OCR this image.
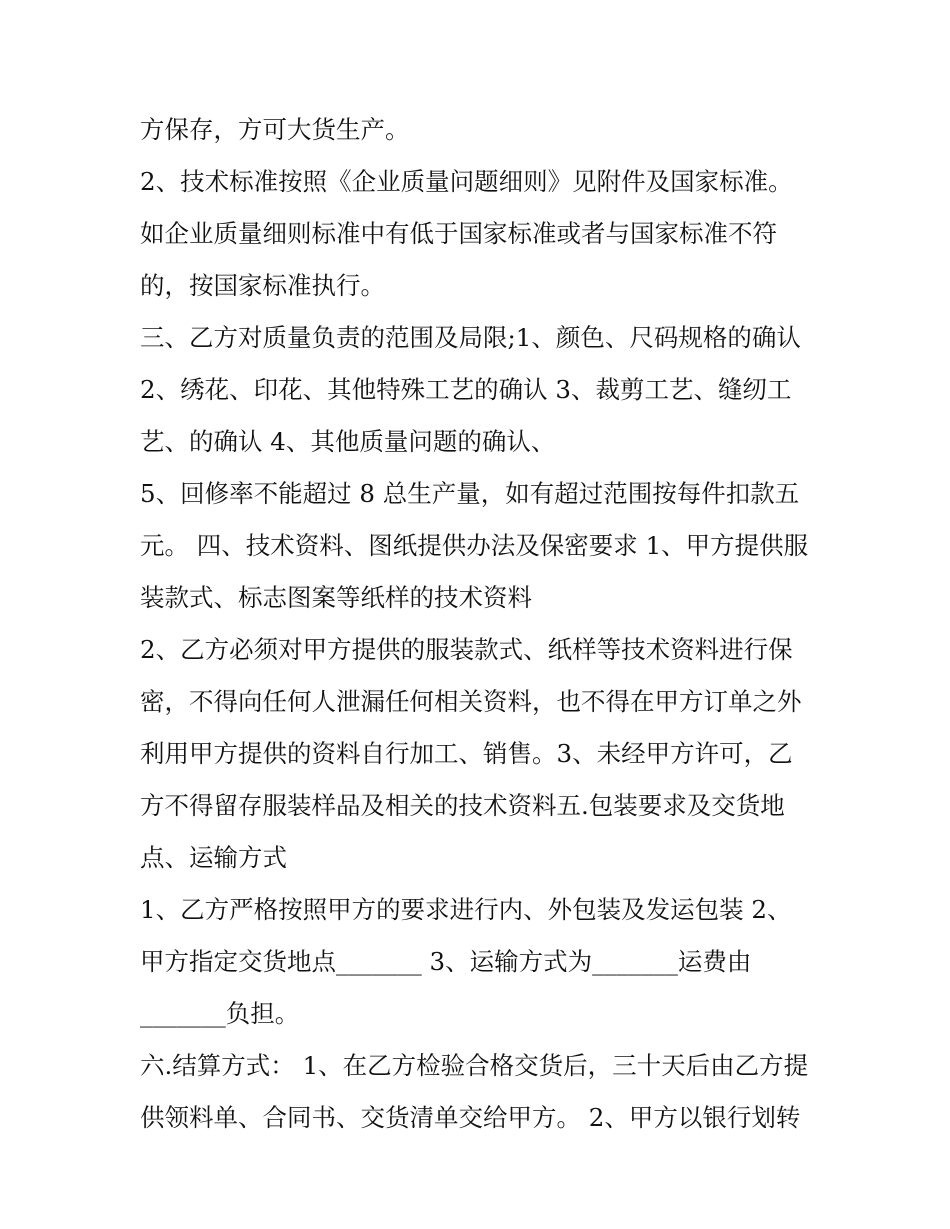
方保存，方可大货生产。
2、技术标准按照《企业质量问题细则》见附件及国家标准。
如企业质量细则标准中有低于国家标准或者与国家标准不符
的，按国家标准执行。
三、乙方对质量负责的范围及局限;1、颜色、尺码规格的确认
2、绣花、印花、其他特殊工艺的确认 3、裁剪工艺、缝纫工
艺、的确认 4、其他质量问题的确认、
5、回修率不能超过 8 总生产量，如有超过范围按每件扣款五
元。 四、技术资料、图纸提供办法及保密要求 1、甲方提供服
装款式、标志图案等纸样的技术资料
2、乙方必须对甲方提供的服装款式、纸样等技术资料进行保
密，不得向任何人泄漏任何相关资料，也不得在甲方订单之外
利用甲方提供的资料自行加工、销售。3、未经甲方许可，乙
方不得留存服装样品及相关的技术资料五.包装要求及交货地
点、运输方式
1、乙方严格按照甲方的要求进行内、外包装及发运包装 2、
甲方指定交货地点_______ 3、运输方式为_______运费由
_______负担。
六.结算方式： 1、在乙方检验合格交货后，三十天后由乙方提
供领料单、合同书、交货清单交给甲方。 2、甲方以银行划转
